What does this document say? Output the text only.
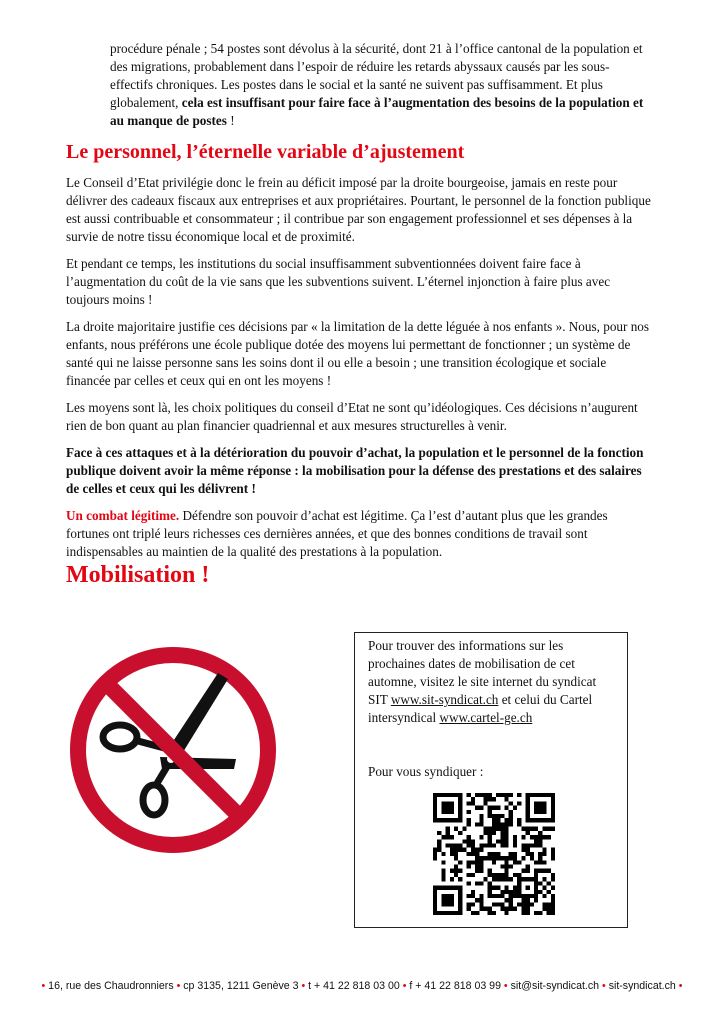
procédure pénale ; 54 postes sont dévolus à la sécurité, dont 21 à l’office cantonal de la population et des migrations, probablement dans l’espoir de réduire les retards abyssaux causés par les sous-effectifs chroniques. Les postes dans le social et la santé ne suivent pas suffisamment. Et plus globalement, cela est insuffisant pour faire face à l’augmentation des besoins de la population et au manque de postes !

Le personnel, l’éternelle variable d’ajustement

Le Conseil d’Etat privilégie donc le frein au déficit imposé par la droite bourgeoise, jamais en reste pour délivrer des cadeaux fiscaux aux entreprises et aux propriétaires. Pourtant, le personnel de la fonction publique est aussi contribuable et consommateur ; il contribue par son engagement professionnel et ses dépenses à la survie de notre tissu économique local et de proximité.

Et pendant ce temps, les institutions du social insuffisamment subventionnées doivent faire face à l’augmentation du coût de la vie sans que les subventions suivent. L’éternel injonction à faire plus avec toujours moins !

La droite majoritaire justifie ces décisions par « la limitation de la dette léguée à nos enfants ». Nous, pour nos enfants, nous préférons une école publique dotée des moyens lui permettant de fonctionner ; un système de santé qui ne laisse personne sans les soins dont il ou elle a besoin ; une transition écologique et sociale financée par celles et ceux qui en ont les moyens !

Les moyens sont là, les choix politiques du conseil d’Etat ne sont qu’idéologiques. Ces décisions n’augurent rien de bon quant au plan financier quadriennal et aux mesures structurelles à venir.

Face à ces attaques et à la détérioration du pouvoir d’achat, la population et le personnel de la fonction publique doivent avoir la même réponse : la mobilisation pour la défense des prestations et des salaires de celles et ceux qui les délivrent !

Un combat légitime. Défendre son pouvoir d’achat est légitime. Ça l’est d’autant plus que les grandes fortunes ont triplé leurs richesses ces dernières années, et que des bonnes conditions de travail sont indispensables au maintien de la qualité des prestations à la population.

Mobilisation !

Pour trouver des informations sur les prochaines dates de mobilisation de cet automne, visitez le site internet du syndicat SIT www.sit-syndicat.ch et celui du Cartel intersyndical www.cartel-ge.ch

Pour vous syndiquer :

• 16, rue des Chaudronniers • cp 3135, 1211 Genève 3 • t + 41 22 818 03 00 • f + 41 22 818 03 99 • sit@sit-syndicat.ch • sit-syndicat.ch •
